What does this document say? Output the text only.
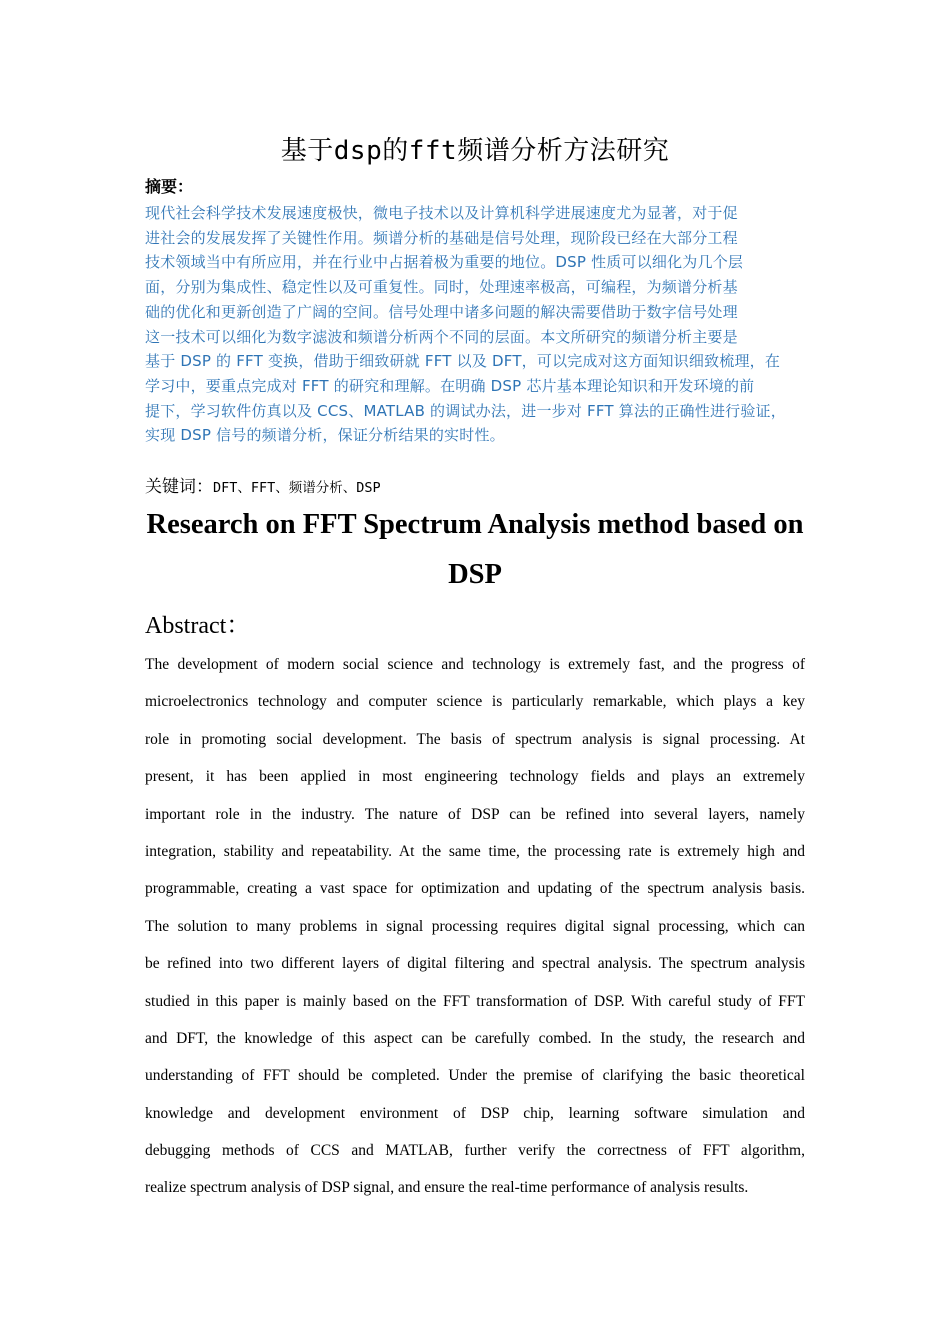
基于dsp的fft频谱分析方法研究
摘要：
现代社会科学技术发展速度极快，微电子技术以及计算机科学进展速度尤为显著，对于促
进社会的发展发挥了关键性作用。频谱分析的基础是信号处理，现阶段已经在大部分工程
技术领域当中有所应用，并在行业中占据着极为重要的地位。DSP 性质可以细化为几个层
面，分别为集成性、稳定性以及可重复性。同时，处理速率极高，可编程，为频谱分析基
础的优化和更新创造了广阔的空间。信号处理中诸多问题的解决需要借助于数字信号处理
这一技术可以细化为数字滤波和频谱分析两个不同的层面。本文所研究的频谱分析主要是
基于 DSP 的 FFT 变换，借助于细致研就 FFT 以及 DFT，可以完成对这方面知识细致梳理，在
学习中，要重点完成对 FFT 的研究和理解。在明确 DSP 芯片基本理论知识和开发环境的前
提下，学习软件仿真以及 CCS、MATLAB 的调试办法，进一步对 FFT 算法的正确性进行验证，
实现 DSP 信号的频谱分析，保证分析结果的实时性。
关键词：DFT、FFT、频谱分析、DSP
Research on FFT Spectrum Analysis method based on
DSP
Abstract：
The development of modern social science and technology is extremely fast, and the progress of
microelectronics technology and computer science is particularly remarkable, which plays a key
role in promoting social development. The basis of spectrum analysis is signal processing. At
present, it has been applied in most engineering technology fields and plays an extremely
important role in the industry. The nature of DSP can be refined into several layers, namely
integration, stability and repeatability. At the same time, the processing rate is extremely high and
programmable, creating a vast space for optimization and updating of the spectrum analysis basis.
The solution to many problems in signal processing requires digital signal processing, which can
be refined into two different layers of digital filtering and spectral analysis. The spectrum analysis
studied in this paper is mainly based on the FFT transformation of DSP. With careful study of FFT
and DFT, the knowledge of this aspect can be carefully combed. In the study, the research and
understanding of FFT should be completed. Under the premise of clarifying the basic theoretical
knowledge and development environment of DSP chip, learning software simulation and
debugging methods of CCS and MATLAB, further verify the correctness of FFT algorithm,
realize spectrum analysis of DSP signal, and ensure the real-time performance of analysis results.
